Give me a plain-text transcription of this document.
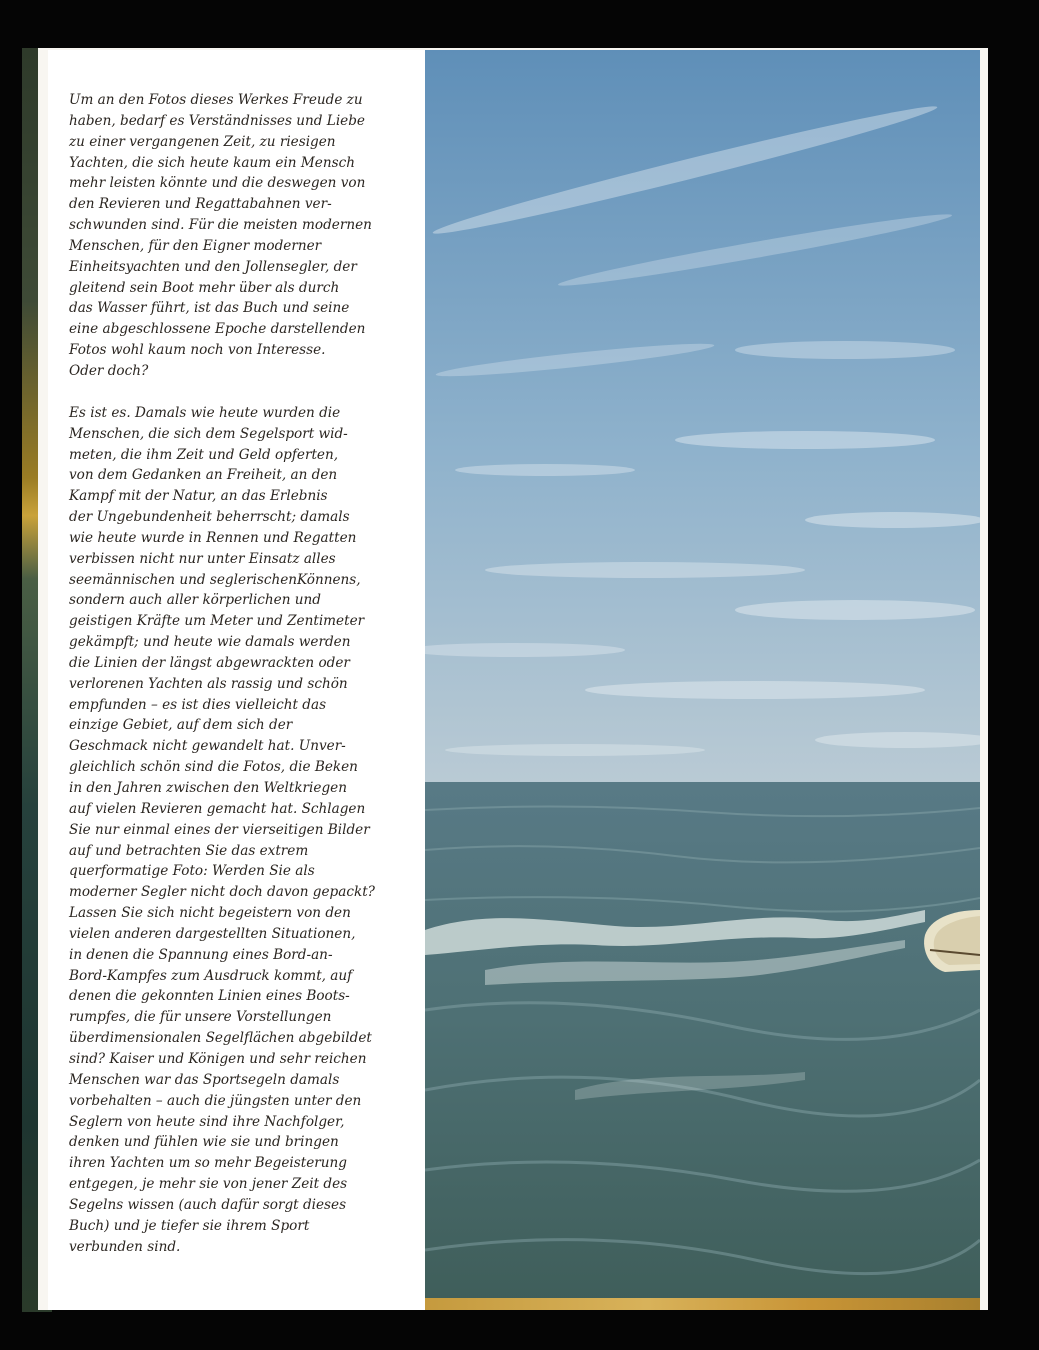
Um an den Fotos dieses Werkes Freude zu
haben, bedarf es Verständnisses und Liebe
zu einer vergangenen Zeit, zu riesigen
Yachten, die sich heute kaum ein Mensch
mehr leisten könnte und die deswegen von
den Revieren und Regattabahnen ver-
schwunden sind. Für die meisten modernen
Menschen, für den Eigner moderner
Einheitsyachten und den Jollensegler, der
gleitend sein Boot mehr über als durch
das Wasser führt, ist das Buch und seine
eine abgeschlossene Epoche darstellenden
Fotos wohl kaum noch von Interesse.
Oder doch?
Es ist es. Damals wie heute wurden die
Menschen, die sich dem Segelsport wid-
meten, die ihm Zeit und Geld opferten,
von dem Gedanken an Freiheit, an den
Kampf mit der Natur, an das Erlebnis
der Ungebundenheit beherrscht; damals
wie heute wurde in Rennen und Regatten
verbissen nicht nur unter Einsatz alles
seemännischen und seglerischenKönnens,
sondern auch aller körperlichen und
geistigen Kräfte um Meter und Zentimeter
gekämpft; und heute wie damals werden
die Linien der längst abgewrackten oder
verlorenen Yachten als rassig und schön
empfunden – es ist dies vielleicht das
einzige Gebiet, auf dem sich der
Geschmack nicht gewandelt hat. Unver-
gleichlich schön sind die Fotos, die Beken
in den Jahren zwischen den Weltkriegen
auf vielen Revieren gemacht hat. Schlagen
Sie nur einmal eines der vierseitigen Bilder
auf und betrachten Sie das extrem
querformatige Foto: Werden Sie als
moderner Segler nicht doch davon gepackt?
Lassen Sie sich nicht begeistern von den
vielen anderen dargestellten Situationen,
in denen die Spannung eines Bord-an-
Bord-Kampfes zum Ausdruck kommt, auf
denen die gekonnten Linien eines Boots-
rumpfes, die für unsere Vorstellungen
überdimensionalen Segelflächen abgebildet
sind? Kaiser und Königen und sehr reichen
Menschen war das Sportsegeln damals
vorbehalten – auch die jüngsten unter den
Seglern von heute sind ihre Nachfolger,
denken und fühlen wie sie und bringen
ihren Yachten um so mehr Begeisterung
entgegen, je mehr sie von jener Zeit des
Segelns wissen (auch dafür sorgt dieses
Buch) und je tiefer sie ihrem Sport
verbunden sind.
